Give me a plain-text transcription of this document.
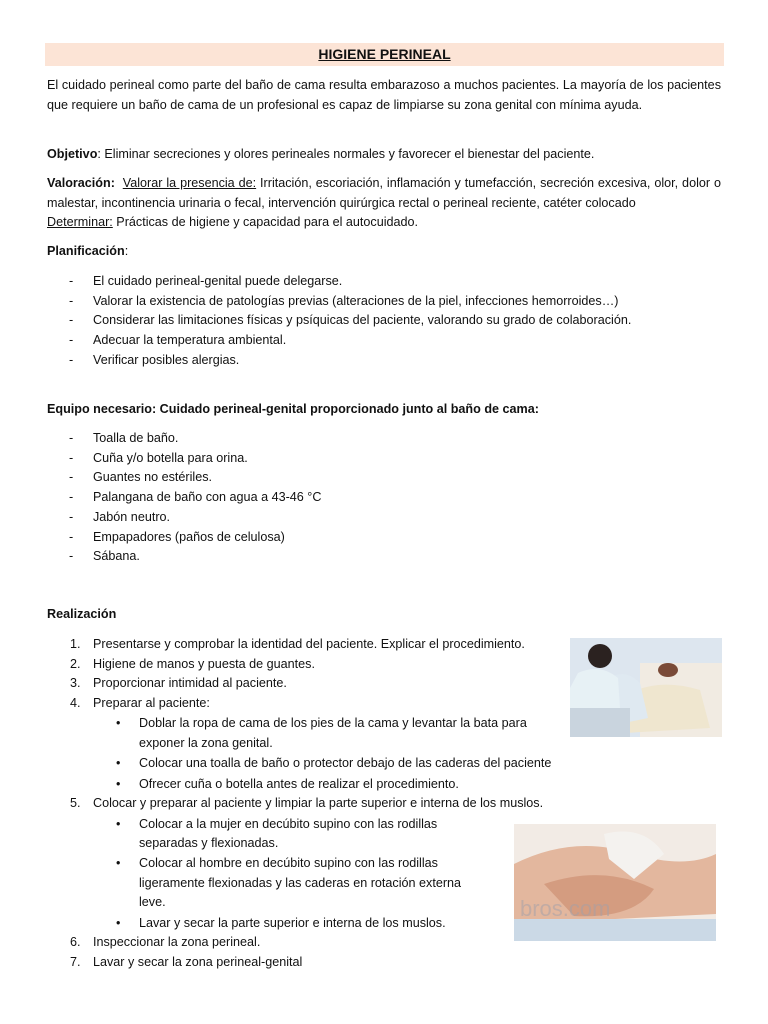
HIGIENE PERINEAL
El cuidado perineal como parte del baño de cama resulta embarazoso a muchos pacientes. La mayoría de los pacientes que requiere un baño de cama de un profesional es capaz de limpiarse su zona genital con mínima ayuda.
Objetivo: Eliminar secreciones y olores perineales normales y favorecer el bienestar del paciente.
Valoración: Valorar la presencia de: Irritación, escoriación, inflamación y tumefacción, secreción excesiva, olor, dolor o malestar, incontinencia urinaria o fecal, intervención quirúrgica rectal o perineal reciente, catéter colocado
Determinar: Prácticas de higiene y capacidad para el autocuidado.
Planificación:
- El cuidado perineal-genital puede delegarse.
- Valorar la existencia de patologías previas (alteraciones de la piel, infecciones hemorroides…)
- Considerar las limitaciones físicas y psíquicas del paciente, valorando su grado de colaboración.
- Adecuar la temperatura ambiental.
- Verificar posibles alergias.
Equipo necesario: Cuidado perineal-genital proporcionado junto al baño de cama:
- Toalla de baño.
- Cuña y/o botella para orina.
- Guantes no estériles.
- Palangana de baño con agua a 43-46 °C
- Jabón neutro.
- Empapadores (paños de celulosa)
- Sábana.
Realización
1. Presentarse y comprobar la identidad del paciente. Explicar el procedimiento.
2. Higiene de manos y puesta de guantes.
3. Proporcionar intimidad al paciente.
4. Preparar al paciente:
5. Colocar y preparar al paciente y limpiar la parte superior e interna de los muslos.
6. Inspeccionar la zona perineal.
7. Lavar y secar la zona perineal-genital
• Doblar la ropa de cama de los pies de la cama y levantar la bata para
exponer la zona genital.
• Colocar una toalla de baño o protector debajo de las caderas del paciente
• Ofrecer cuña o botella antes de realizar el procedimiento.
• Colocar a la mujer en decúbito supino con las rodillas
separadas y flexionadas.
• Colocar al hombre en decúbito supino con las rodillas
ligeramente flexionadas y las caderas en rotación externa
leve.
• Lavar y secar la parte superior e interna de los muslos.
bros.com
